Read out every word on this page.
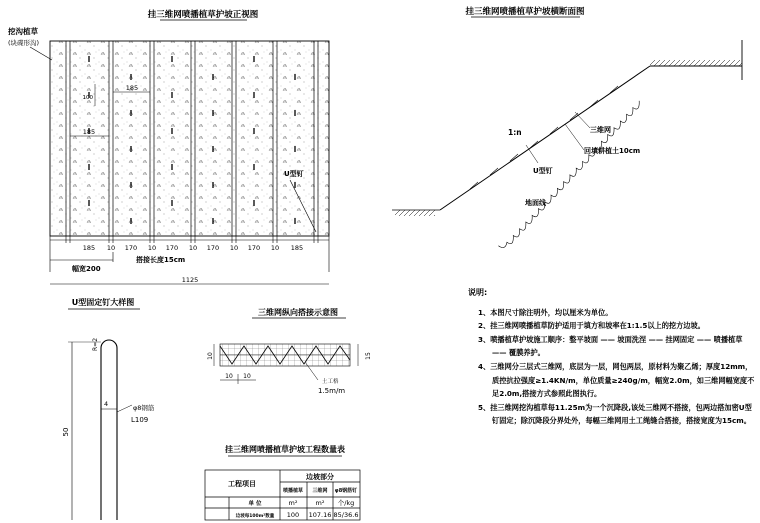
挂三维网喷播植草护坡正视图
185
185
100
挖沟植草
(块碟形沟)
U型钉
185 10 170 10 170 10 170 10 170 10 185
搭接长度15cm
幅宽200
1125
挂三维网喷播植草护坡横断面图
1:n	三维网
回填耕植土10cm
U型钉
地面线
U型固定钉大样图
50
4
R=2
φ8钢筋
L109
三维网纵向搭接示意图
10	15
10 10
土工格
1.5m/m
挂三维网喷播植草护坡工程数量表
工程项目
边坡部分
喷播植草 三维网 φ8钢筋钉
单 位	m²	m² 个/kg
边坡每100m²数量 100 107.16 85/36.6
说明:
1、本图尺寸除注明外，均以厘米为单位。
2、挂三维网喷播植草防护适用于填方和坡率在1:1.5以上的挖方边坡。
3、喷播植草护坡施工顺序：整平坡面 —— 坡面洗涅 —— 挂网固定 —— 喷播植草 —— 覆膜养护。
4、三维网分三层式三维网，底层为一层，网包两层，原材料为聚乙烯；厚度12mm，质控抗拉强度≥1.4KN/m，单位质量≥240g/m，幅宽2.0m，如三维网幅宽度不足2.0m,搭接方式参照此图执行。
5、挂三维网挖沟植草每11.25m为一个沉降段,该处三维网不搭接，包两边搭加密U型钉固定；除沉降段分界处外，每幅三维网用土工绳缝合搭接，搭接宽度为15cm。
